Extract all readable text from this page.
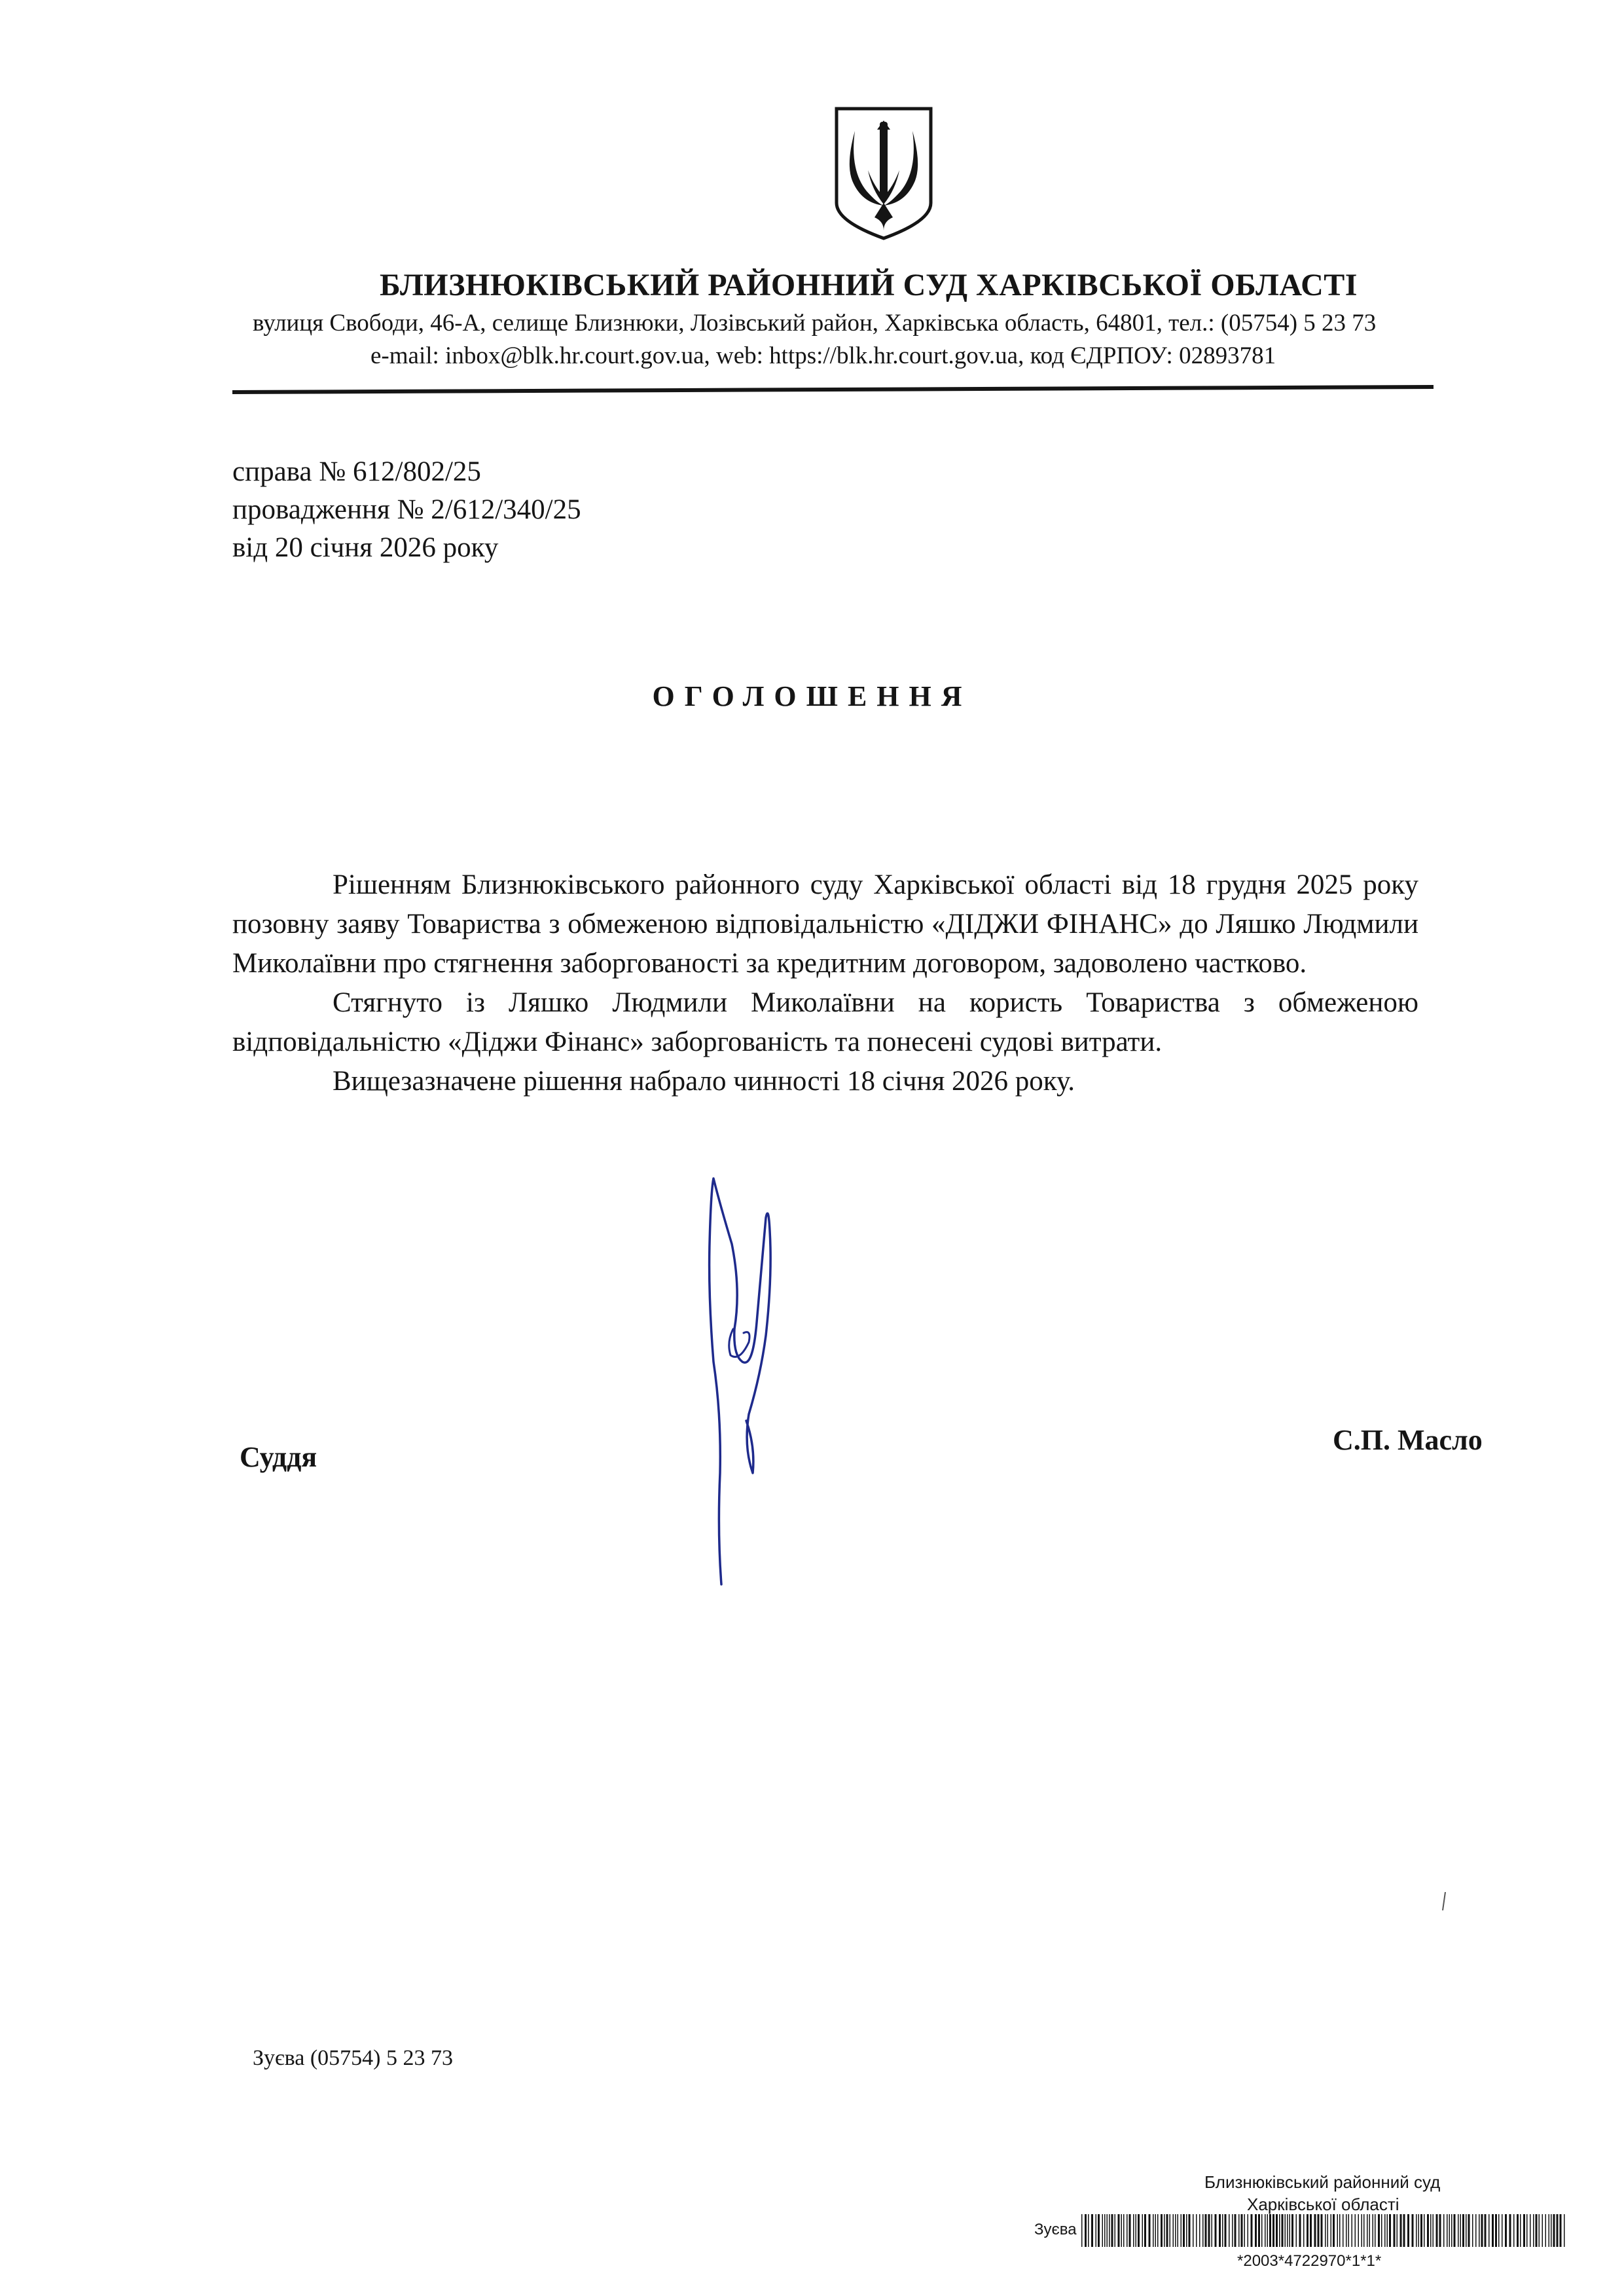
БЛИЗНЮКІВСЬКИЙ РАЙОННИЙ СУД ХАРКІВСЬКОЇ ОБЛАСТІ
вулиця Свободи, 46-А, селище Близнюки, Лозівський район, Харківська область, 64801, тел.: (05754) 5 23 73
e-mail: inbox@blk.hr.court.gov.ua, web: https://blk.hr.court.gov.ua, код ЄДРПОУ: 02893781
справа № 612/802/25
провадження № 2/612/340/25
від 20 січня 2026 року
ОГОЛОШЕННЯ

Рішенням Близнюківського районного суду Харківської області від 18 грудня 2025 року позовну заяву Товариства з обмеженою відповідальністю «ДІДЖИ ФІНАНС» до Ляшко Людмили Миколаївни про стягнення заборгованості за кредитним договором, задоволено частково.

Стягнуто із Ляшко Людмили Миколаївни на користь Товариства з обмеженою відповідальністю «Діджи Фінанс» заборгованість та понесені судові витрати.

Вищезазначене рішення набрало чинності 18 січня 2026 року.

Суддя
С.П. Масло
Зуєва (05754) 5 23 73
Близнюківський районний суд
Харківської області
Зуєва
*2003*4722970*1*1*
